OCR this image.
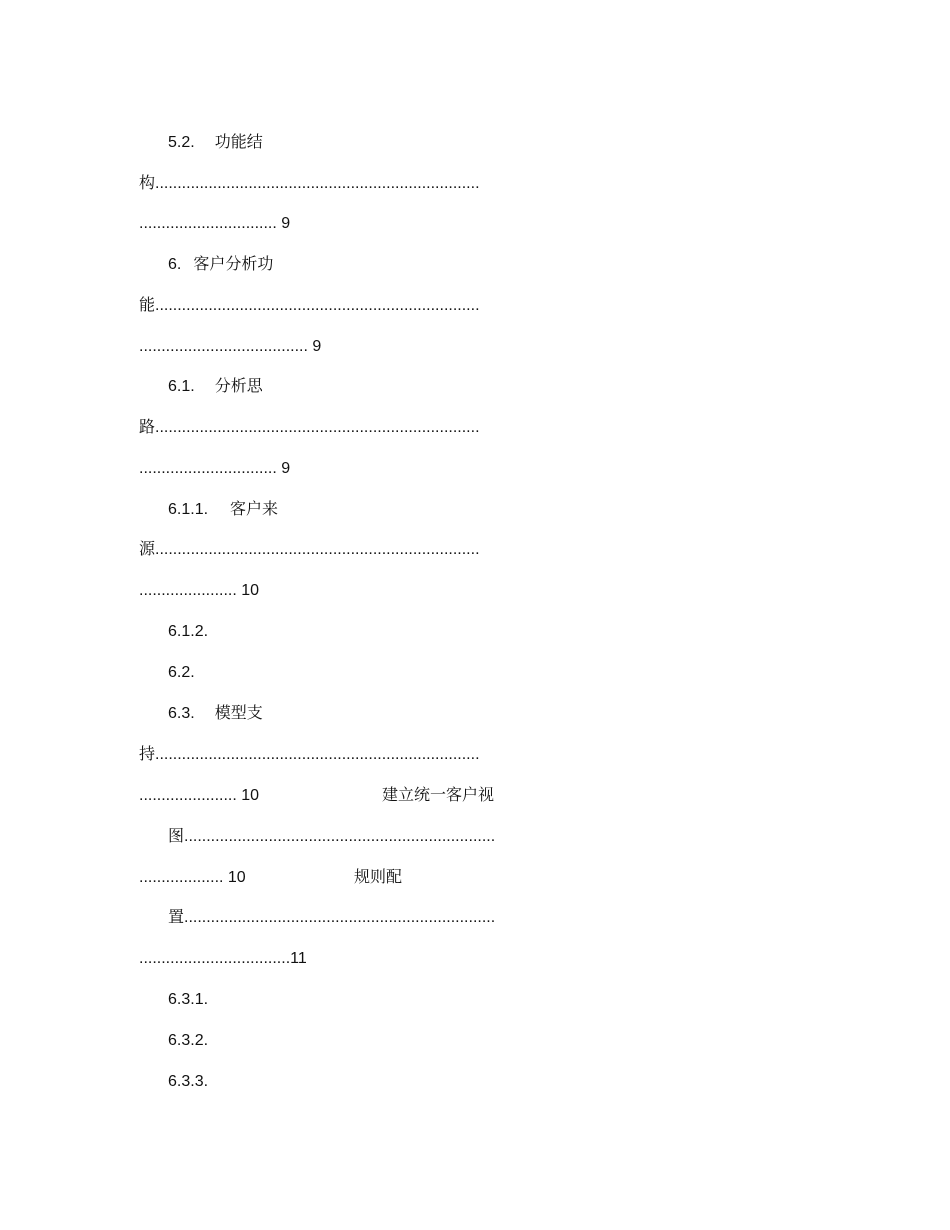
5.2. 功能结
构.........................................................................
............................... 9
6. 客户分析功
能.........................................................................
...................................... 9
6.1. 分析思
路.........................................................................
............................... 9
6.1.1. 客户来
源.........................................................................
...................... 10
6.1.2.
6.2.
6.3. 模型支
持.........................................................................
...................... 10	建立统一客户视
图......................................................................
................... 10	规则配
置......................................................................
..................................11
6.3.1.
6.3.2.
6.3.3.
